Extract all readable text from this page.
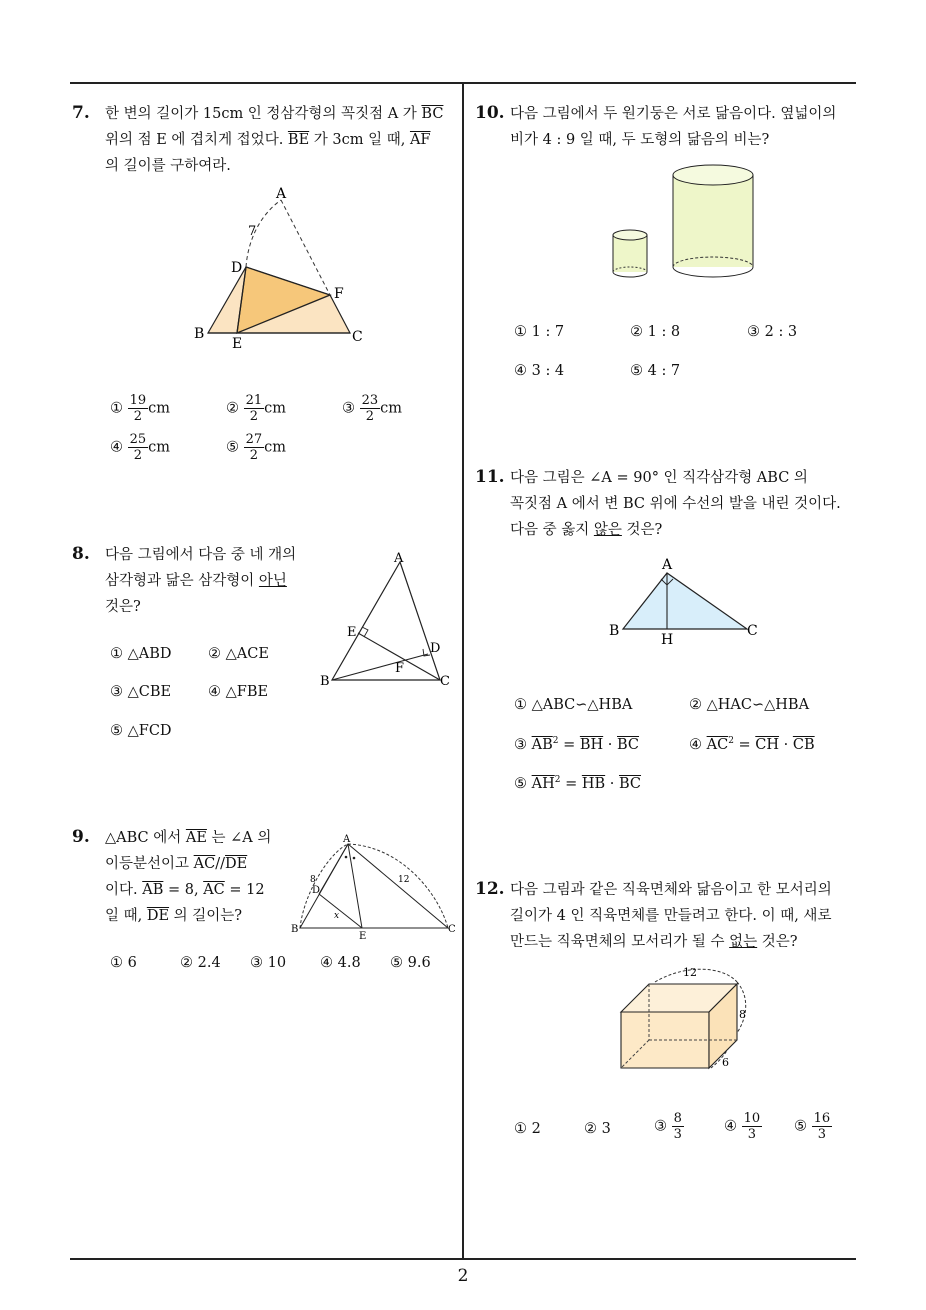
7. 한 변의 길이가 15cm 인 정삼각형의 꼭짓점 A 가 $\overline{BC}$
위의 점 E 에 겹치게 접었다. $\overline{BE}$ 가 3cm 일 때, $\overline{AF}$
의 길이를 구하여라.
A
7
D
F
B
E	C
① $\frac{19}{2}$ cm	② $\frac{21}{2}$ cm	③ $\frac{23}{2}$ cm
④ $\frac{25}{2}$ cm	⑤ $\frac{27}{2}$ cm
8. 다음 그림에서 다음 중 네 개의
삼각형과 닮은 삼각형이 아닌
것은?
A
E
D
F
B	C
① △ABD	② △ACE
③ △CBE	④ △FBE
⑤ △FCD
9. △ABC 에서 $\overline{AE}$ 는 ∠A 의
이등분선이고 $\overline{AC}//\overline{DE}$
이다. $\overline{AB} = 8$, $\overline{AC} = 12$
일 때, $\overline{DE}$ 의 길이는?
A
8	12
D
x
B
E
C
① 6	② 2.4 ③ 10 ④ 4.8 ⑤ 9.6
10. 다음 그림에서 두 원기둥은 서로 닮음이다. 옆넓이의
비가 4 : 9 일 때, 두 도형의 닮음의 비는?
① 1 : 7	② 1 : 8	③ 2 : 3
④ 3 : 4	⑤ 4 : 7
11. 다음 그림은 ∠A = 90° 인 직각삼각형 ABC 의
꼭짓점 A 에서 변 BC 위에 수선의 발을 내린 것이다.
다음 중 옳지 않은 것은?
A
B
H
C
① △ABC∽△HBA	② △HAC∽△HBA
③ $\overline{AB}^2 = \overline{BH} \cdot \overline{BC}$	④ $\overline{AC}^2 = \overline{CH} \cdot \overline{CB}$
⑤ $\overline{AH}^2 = \overline{HB} \cdot \overline{BC}$
12. 다음 그림과 같은 직육면체와 닮음이고 한 모서리의
길이가 4 인 직육면체를 만들려고 한다. 이 때, 새로
만드는 직육면체의 모서리가 될 수 없는 것은?
12
8
6
① 2	② 3	③ $\frac{8}{3}$	④ $\frac{10}{3}$ ⑤ $\frac{16}{3}$
2
